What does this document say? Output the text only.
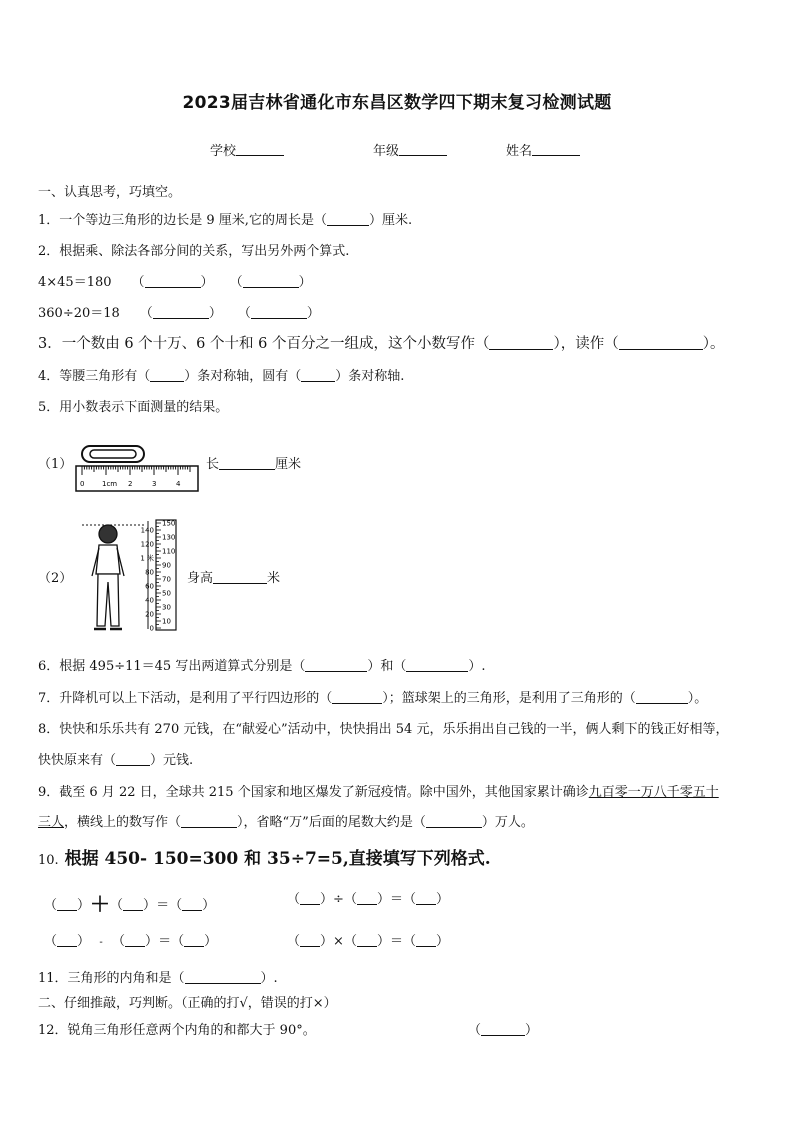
2023届吉林省通化市东昌区数学四下期末复习检测试题
学校	年级	姓名
一、认真思考，巧填空。
1．一个等边三角形的边长是 9 厘米,它的周长是（	）厘米.
2．根据乘、除法各部分间的关系，写出另外两个算式.
4×45＝180 （	） （	）
360÷20＝18 （	） （	）
3．一个数由 6 个十万、6 个十和 6 个百分之一组成，这个小数写作（	），读作（	）。
4．等腰三角形有（	）条对称轴，圆有（	）条对称轴.
5．用小数表示下面测量的结果。
（1）
0	1cm 2	3	4
长	厘米
（2）
140
120
1 米
80
60
40
20
0
150
130
110
90
70
50
30
10
身高	米
6．根据 495÷11＝45 写出两道算式分别是（	）和（	）.
7．升降机可以上下活动，是利用了平行四边形的（	）；篮球架上的三角形，是利用了三角形的（	）。
8．快快和乐乐共有 270 元钱，在“献爱心”活动中，快快捐出 54 元，乐乐捐出自己钱的一半，俩人剩下的钱正好相等，
快快原来有（	）元钱.
9．截至 6 月 22 日，全球共 215 个国家和地区爆发了新冠疫情。除中国外，其他国家累计确诊九百零一万八千零五十
三人，横线上的数写作（	），省略“万”后面的尾数大约是（	）万人。
10. 根据 450- 150=300 和 35÷7=5,直接填写下列格式.
（ ）＋（ ）＝（ ）	（ ）÷（ ）＝（ ）
（ ） - （ ）＝（ ）	（ ）×（ ）＝（ ）
11．三角形的内角和是（	）.
二、仔细推敲，巧判断。（正确的打√，错误的打×）
12．锐角三角形任意两个内角的和都大于 90°。	（	）
